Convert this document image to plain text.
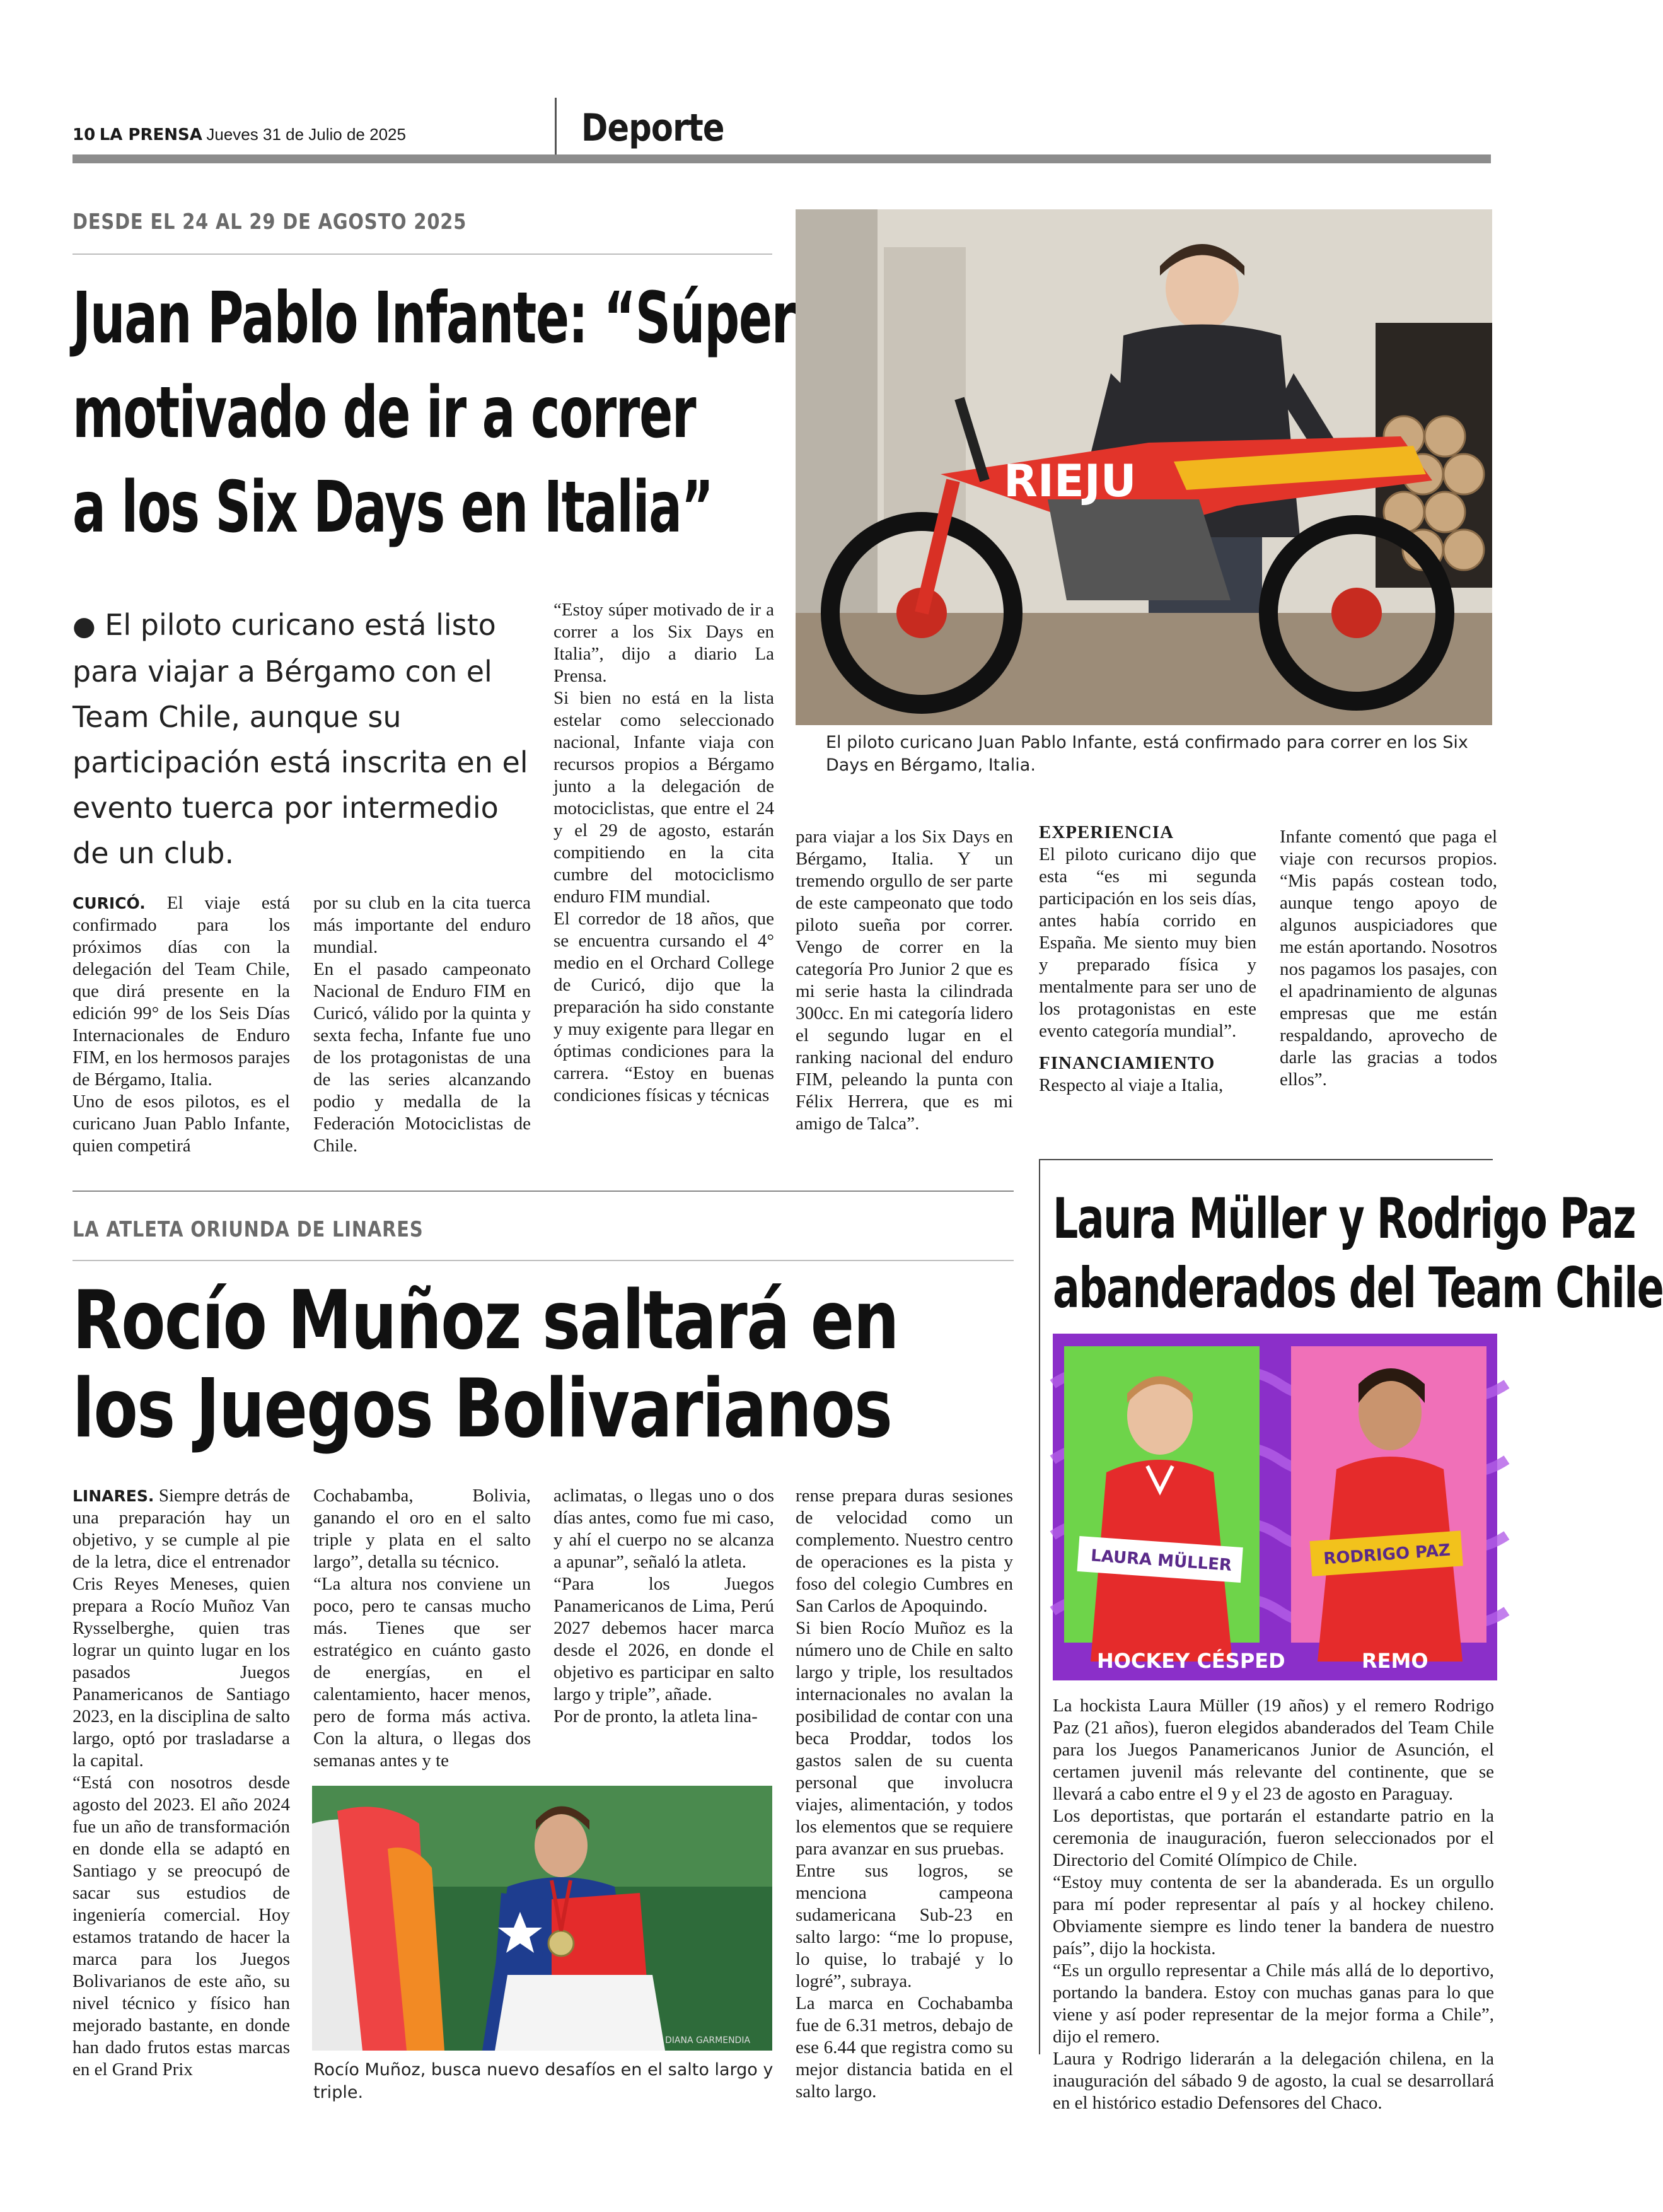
10 LA PRENSA Jueves 31 de Julio de 2025	Deporte
DESDE EL 24 AL 29 DE AGOSTO 2025
Juan Pablo Infante: “Súper
motivado de ir a correr
a los Six Days en Italia”	RIEJU
El piloto curicano Juan Pablo Infante, está confirmado para correr en los Six Days en Bérgamo, Italia.
● El piloto curicano está listo para viajar a Bérgamo con el Team Chile, aunque su participación está inscrita en el evento tuerca por intermedio de un club.

CURICÓ. El viaje está confirmado para los próximos días con la delegación del Team Chile, que dirá presente en la edición 99° de los Seis Días Internacionales de Enduro FIM, en los hermosos parajes de Bérgamo, Italia.

Uno de esos pilotos, es el curicano Juan Pablo Infante, quien competirá

por su club en la cita tuerca más importante del enduro mundial.

En el pasado campeonato Nacional de Enduro FIM en Curicó, válido por la quinta y sexta fecha, Infante fue uno de los protagonistas de una de las series alcanzando podio y medalla de la Federación Motociclistas de Chile.

“Estoy súper motivado de ir a correr a los Six Days en Italia”, dijo a diario La Prensa.

Si bien no está en la lista estelar como seleccionado nacional, Infante viaja con recursos propios a Bérgamo junto a la delegación de motociclistas, que entre el 24 y el 29 de agosto, estarán compitiendo en la cita cumbre del motociclismo enduro FIM mundial.

El corredor de 18 años, que se encuentra cursando el 4° medio en el Orchard College de Curicó, dijo que la preparación ha sido constante y muy exigente para llegar en óptimas condiciones para la carrera. “Estoy en buenas condiciones físicas y técnicas

para viajar a los Six Days en Bérgamo, Italia. Y un tremendo orgullo de ser parte de este campeonato que todo piloto sueña por correr. Vengo de correr en la categoría Pro Junior 2 que es mi serie hasta la cilindrada 300cc. En mi categoría lidero el segundo lugar en el ranking nacional del enduro FIM, peleando la punta con Félix Herrera, que es mi amigo de Talca”.

EXPERIENCIA

El piloto curicano dijo que esta “es mi segunda participación en los seis días, antes había corrido en España. Me siento muy bien y preparado física y mentalmente para ser uno de los protagonistas en este evento categoría mundial”.

FINANCIAMIENTO

Respecto al viaje a Italia,

Infante comentó que paga el viaje con recursos propios. “Mis papás costean todo, aunque tengo apoyo de algunos auspiciadores que me están aportando. Nosotros nos pagamos los pasajes, con el apadrinamiento de algunas empresas que me están respaldando, aprovecho de darle las gracias a todos ellos”.

LA ATLETA ORIUNDA DE LINARES
Rocío Muñoz saltará en
los Juegos Bolivarianos

LINARES. Siempre detrás de una preparación hay un objetivo, y se cumple al pie de la letra, dice el entrenador Cris Reyes Meneses, quien prepara a Rocío Muñoz Van Rysselberghe, quien tras lograr un quinto lugar en los pasados Juegos Panamericanos de Santiago 2023, en la disciplina de salto largo, optó por trasladarse a la capital.

“Está con nosotros desde agosto del 2023. El año 2024 fue un año de transformación en donde ella se adaptó en Santiago y se preocupó de sacar sus estudios de ingeniería comercial. Hoy estamos tratando de hacer la marca para los Juegos Bolivarianos de este año, su nivel técnico y físico han mejorado bastante, en donde han dado frutos estas marcas en el Grand Prix

Cochabamba, Bolivia, ganando el oro en el salto triple y plata en el salto largo”, detalla su técnico.

“La altura nos conviene un poco, pero te cansas mucho más. Tienes que ser estratégico en cuánto gasto de energías, en el calentamiento, hacer menos, pero de forma más activa. Con la altura, o llegas dos semanas antes y te

aclimatas, o llegas uno o dos días antes, como fue mi caso, y ahí el cuerpo no se alcanza a apunar”, señaló la atleta.

“Para los Juegos Panamericanos de Lima, Perú 2027 debemos hacer marca desde el 2026, en donde el objetivo es participar en salto largo y triple”, añade.

Por de pronto, la atleta lina-

rense prepara duras sesiones de velocidad como un complemento. Nuestro centro de operaciones es la pista y foso del colegio Cumbres en San Carlos de Apoquindo.

Si bien Rocío Muñoz es la número uno de Chile en salto largo y triple, los resultados internacionales no avalan la posibilidad de contar con una beca Proddar, todos los gastos salen de su cuenta personal que involucra viajes, alimentación, y todos los elementos que se requiere para avanzar en sus pruebas.

Entre sus logros, se menciona campeona sudamericana Sub-23 en salto largo: “me lo propuse, lo quise, lo trabajé y lo logré”, subraya.

La marca en Cochabamba fue de 6.31 metros, debajo de ese 6.44 que registra como su mejor distancia batida en el salto largo.

DIANA GARMENDIA
Rocío Muñoz, busca nuevo desafíos en el salto largo y triple.
Laura Müller y Rodrigo Paz
abanderados del Team Chile
LAURA MÜLLER	RODRIGO PAZ
HOCKEY CÉSPED	REMO

La hockista Laura Müller (19 años) y el remero Rodrigo Paz (21 años), fueron elegidos abanderados del Team Chile para los Juegos Panamericanos Junior de Asunción, el certamen juvenil más relevante del continente, que se llevará a cabo entre el 9 y el 23 de agosto en Paraguay.

Los deportistas, que portarán el estandarte patrio en la ceremonia de inauguración, fueron seleccionados por el Directorio del Comité Olímpico de Chile.

“Estoy muy contenta de ser la abanderada. Es un orgullo para mí poder representar al país y al hockey chileno. Obviamente siempre es lindo tener la bandera de nuestro país”, dijo la hockista.

“Es un orgullo representar a Chile más allá de lo deportivo, portando la bandera. Estoy con muchas ganas para lo que viene y así poder representar de la mejor forma a Chile”, dijo el remero.

Laura y Rodrigo liderarán a la delegación chilena, en la inauguración del sábado 9 de agosto, la cual se desarrollará en el histórico estadio Defensores del Chaco.
